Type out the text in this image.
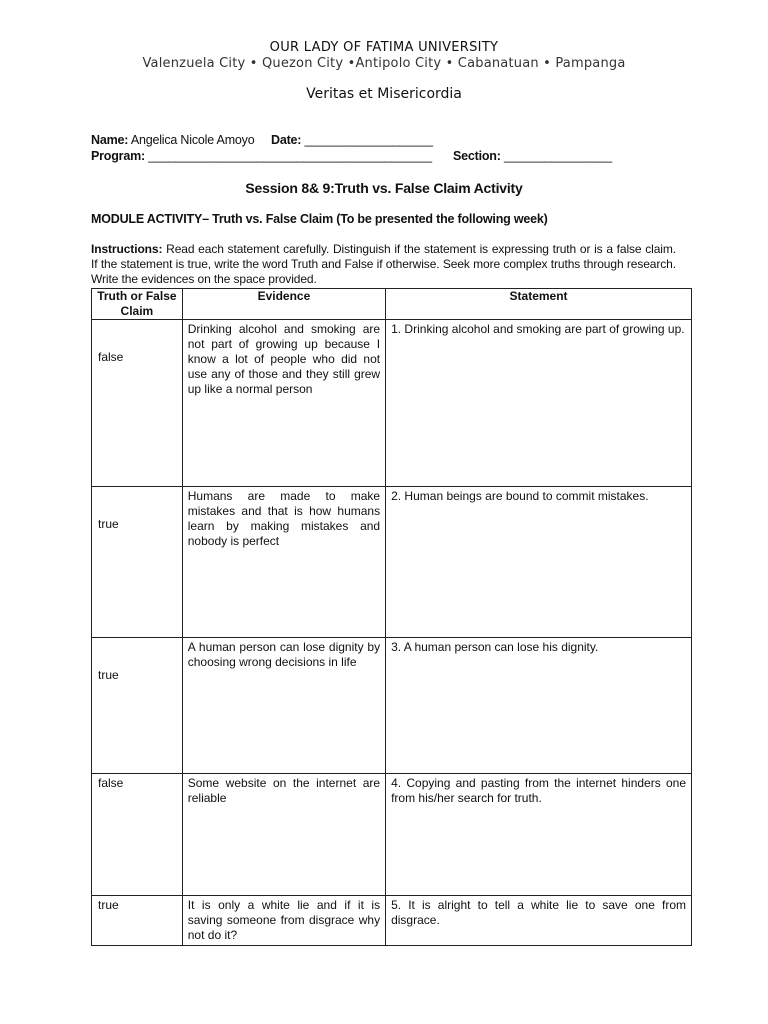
OUR LADY OF FATIMA UNIVERSITY
Valenzuela City • Quezon City •Antipolo City • Cabanatuan • Pampanga
Veritas et Misericordia
Name: Angelica Nicole Amoyo Date: ___________________
Program: __________________________________________ Section: ________________
Session 8& 9:Truth vs. False Claim Activity
MODULE ACTIVITY– Truth vs. False Claim (To be presented the following week)
Instructions: Read each statement carefully. Distinguish if the statement is expressing truth or is a false claim. If the statement is true, write the word Truth and False if otherwise. Seek more complex truths through research. Write the evidences on the space provided.
Truth or False Claim	Evidence	Statement

false	Drinking alcohol and smoking are not part of growing up because I know a lot of people who did not use any of those and they still grew up like a normal person	1. Drinking alcohol and smoking are part of growing up.

true	Humans are made to make mistakes and that is how humans learn by making mistakes and nobody is perfect	2. Human beings are bound to commit mistakes.

true	A human person can lose dignity by choosing wrong decisions in life	3. A human person can lose his dignity.

false	Some website on the internet are reliable	4. Copying and pasting from the internet hinders one from his/her search for truth.

true	It is only a white lie and if it is saving someone from disgrace why not do it?	5. It is alright to tell a white lie to save one from disgrace.
